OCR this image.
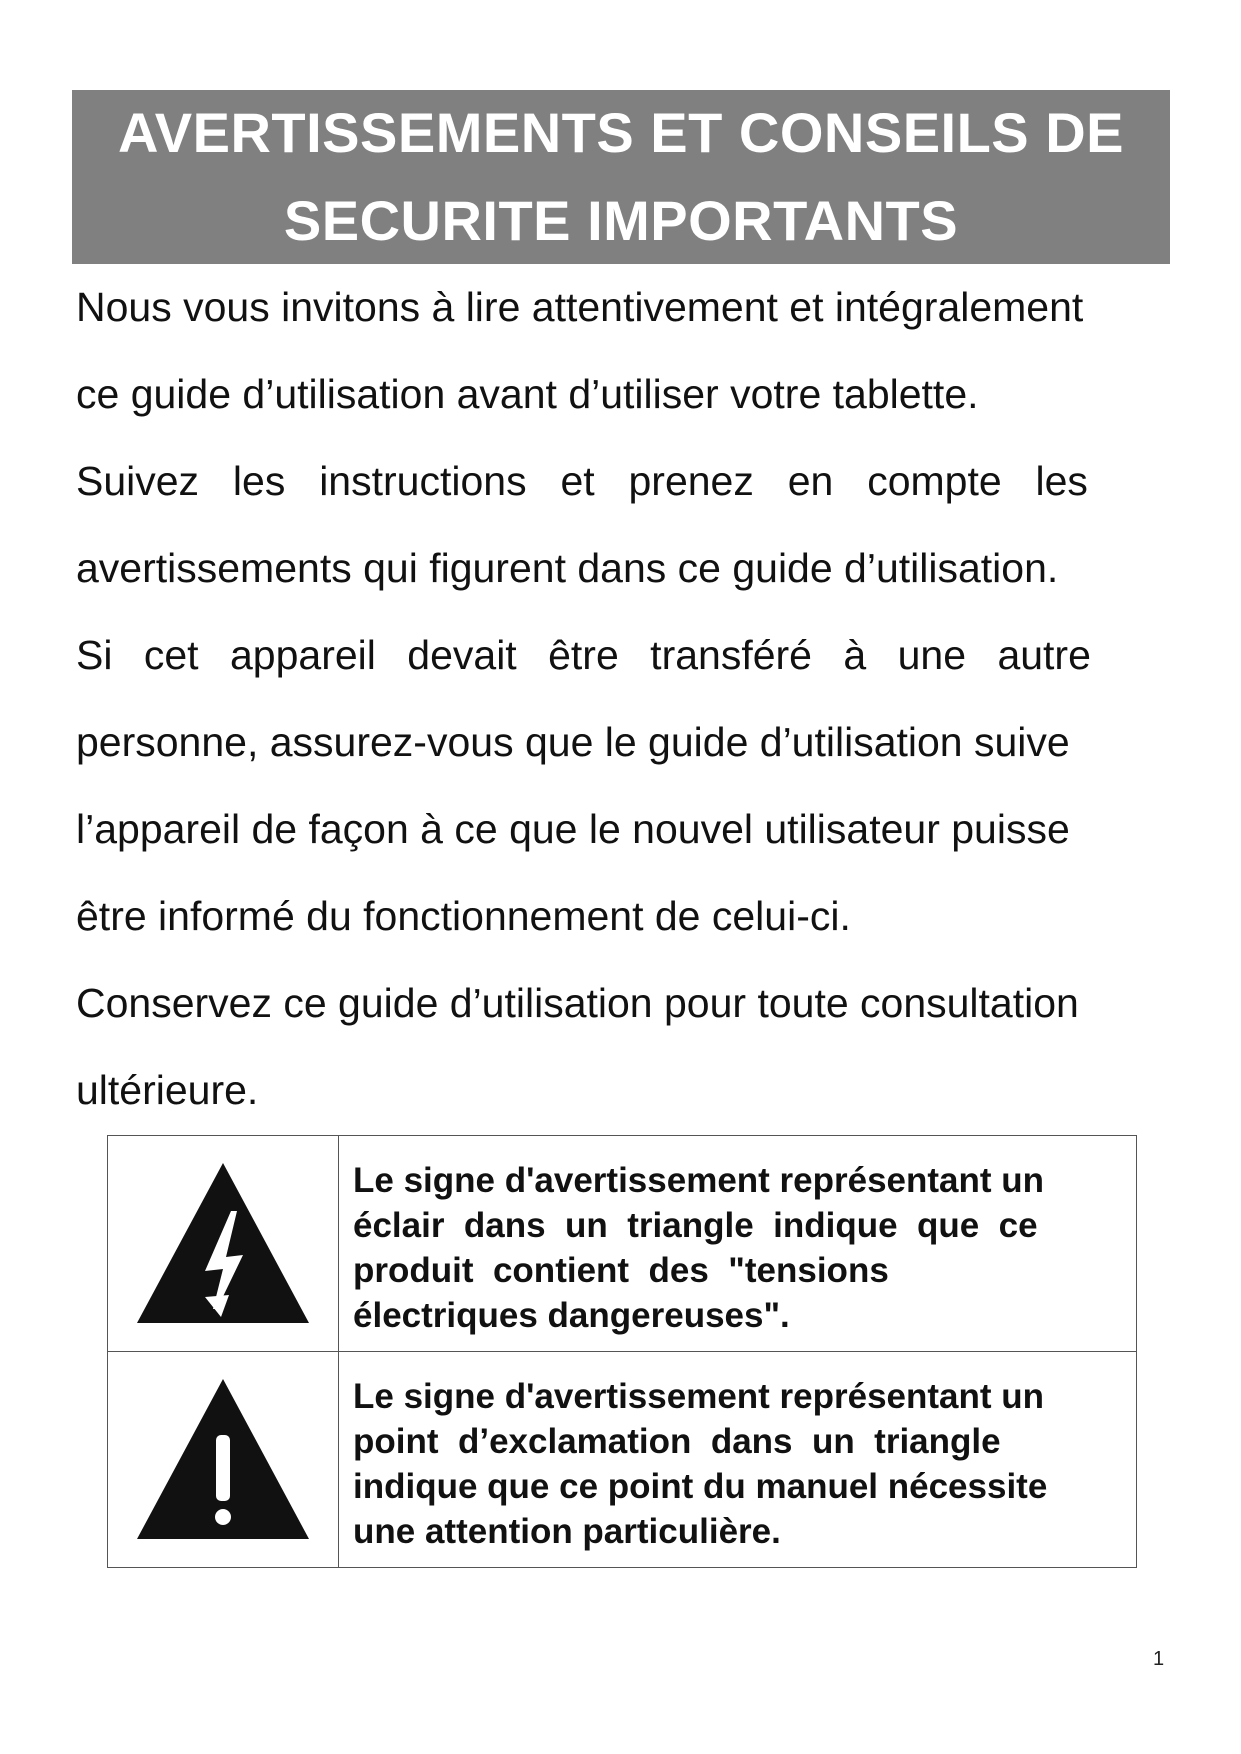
AVERTISSEMENTS ET CONSEILS DE
SECURITE IMPORTANTS
Nous vous invitons à lire attentivement et intégralement
ce guide d’utilisation avant d’utiliser votre tablette.
Suivez les instructions et prenez en compte les
avertissements qui figurent dans ce guide d’utilisation.
Si cet appareil devait être transféré à une autre
personne, assurez-vous que le guide d’utilisation suive
l’appareil de façon à ce que le nouvel utilisateur puisse
être informé du fonctionnement de celui-ci.
Conservez ce guide d’utilisation pour toute consultation
ultérieure.

Le signe d'avertissement représentant un
éclair  dans  un  triangle  indique  que  ce
produit  contient  des  "tensions
électriques dangereuses".

Le signe d'avertissement représentant un
point  d’exclamation  dans  un  triangle
indique que ce point du manuel nécessite
une attention particulière.
1
